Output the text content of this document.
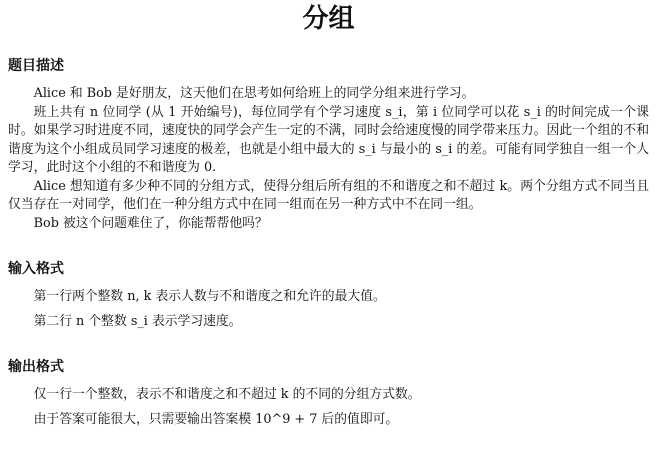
分组
题目描述

Alice 和 Bob 是好朋友，这天他们在思考如何给班上的同学分组来进行学习。

班上共有 n 位同学 (从 1 开始编号)，每位同学有个学习速度 s_i，第 i 位同学可以花 s_i 的时间完成一个课时。如果学习时进度不同，速度快的同学会产生一定的不满，同时会给速度慢的同学带来压力。因此一个组的不和谐度为这个小组成员同学习速度的极差，也就是小组中最大的 s_i 与最小的 s_i 的差。可能有同学独自一组一个人学习，此时这个小组的不和谐度为 0.

Alice 想知道有多少种不同的分组方式，使得分组后所有组的不和谐度之和不超过 k。两个分组方式不同当且仅当存在一对同学，他们在一种分组方式中在同一组而在另一种方式中不在同一组。

Bob 被这个问题难住了，你能帮帮他吗？

输入格式

第一行两个整数 n, k 表示人数与不和谐度之和允许的最大值。

第二行 n 个整数 s_i 表示学习速度。

输出格式

仅一行一个整数，表示不和谐度之和不超过 k 的不同的分组方式数。

由于答案可能很大，只需要输出答案模 10^9 + 7 后的值即可。
